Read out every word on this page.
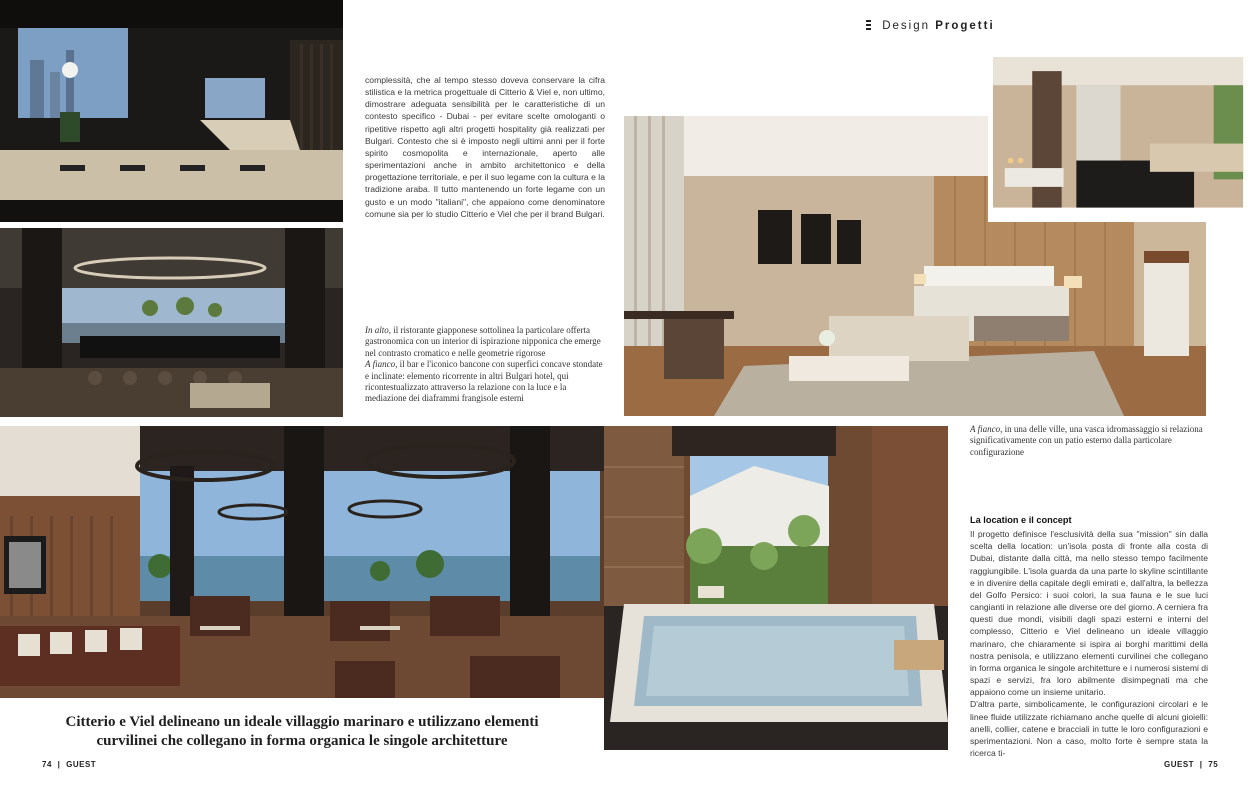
Design Progetti

complessità, che al tempo stesso doveva conservare la cifra stilistica e la metrica progettuale di Citterio & Viel e, non ultimo, dimostrare adeguata sensibilità per le caratteristiche di un contesto specifico - Dubai - per evitare scelte omologanti o ripetitive rispetto agli altri progetti hospitality già realizzati per Bulgari. Contesto che si è imposto negli ultimi anni per il forte spirito cosmopolita e internazionale, aperto alle sperimentazioni anche in ambito architettonico e della progettazione territoriale, e per il suo legame con la cultura e la tradizione araba. Il tutto mantenendo un forte legame con un gusto e un modo "italiani", che appaiono come denominatore comune sia per lo studio Citterio e Viel che per il brand Bulgari.

In alto, il ristorante giapponese sottolinea la particolare offerta gastronomica con un interior di ispirazione nipponica che emerge nel contrasto cromatico e nelle geometrie rigorose
A fianco, il bar e l'iconico bancone con superfici concave stondate e inclinate: elemento ricorrente in altri Bulgari hotel, qui ricontestualizzato attraverso la relazione con la luce e la mediazione dei diaframmi frangisole esterni
A fianco, in una delle ville, una vasca idromassaggio si relaziona significativamente con un patio esterno dalla particolare configurazione
La location e il concept

Il progetto definisce l'esclusività della sua "mission" sin dalla scelta della location: un'isola posta di fronte alla costa di Dubai, distante dalla città, ma nello stesso tempo facilmente raggiungibile. L'isola guarda da una parte lo skyline scintillante e in divenire della capitale degli emirati e, dall'altra, la bellezza del Golfo Persico: i suoi colori, la sua fauna e le sue luci cangianti in relazione alle diverse ore del giorno. A cerniera fra questi due mondi, visibili dagli spazi esterni e interni del complesso, Citterio e Viel delineano un ideale villaggio marinaro, che chiaramente si ispira ai borghi marittimi della nostra penisola, e utilizzano elementi curvilinei che collegano in forma organica le singole architetture e i numerosi sistemi di spazi e servizi, fra loro abilmente disimpegnati ma che appaiono come un insieme unitario.

D'altra parte, simbolicamente, le configurazioni circolari e le linee fluide utilizzate richiamano anche quelle di alcuni gioielli: anelli, collier, catene e bracciali in tutte le loro configurazioni e sperimentazioni. Non a caso, molto forte è sempre stata la ricerca ti-

Citterio e Viel delineano un ideale villaggio marinaro e utilizzano elementi
curvilinei che collegano in forma organica le singole architetture
74 | GUEST	GUEST | 75
